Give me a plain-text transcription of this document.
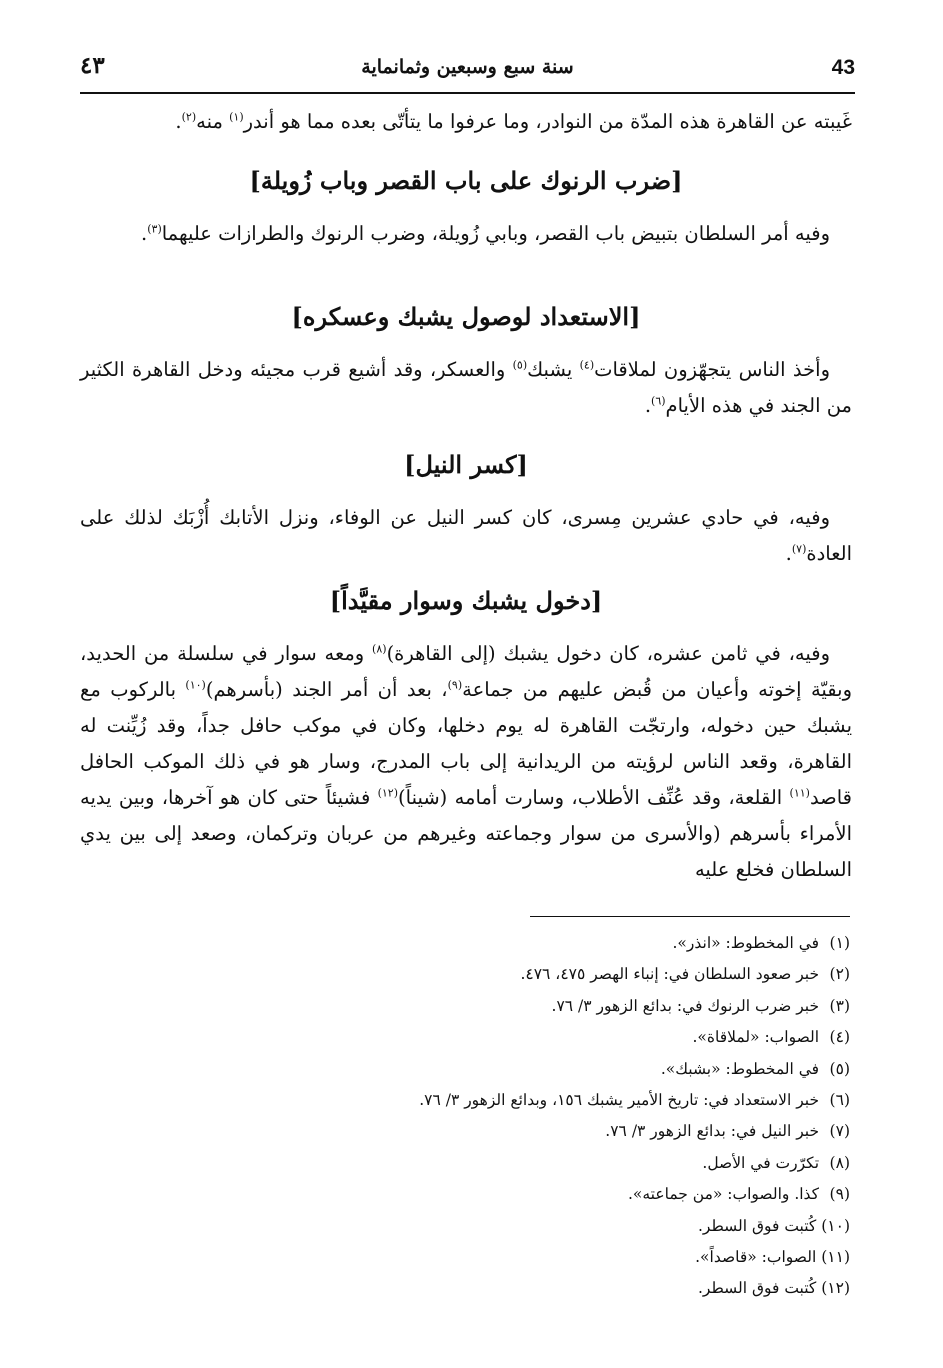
43
سنة سبع وسبعين وثمانماية
٤٣

غَيبته عن القاهرة هذه المدّة من النوادر، وما عرفوا ما يتأتّى بعده مما هو أندر$^{(١)}$ منه$^{(٢)}$.

[ضرب الرنوك على باب القصر وباب زُويلة]

وفيه أمر السلطان بتبيض باب القصر، وبابي زُويلة، وضرب الرنوك والطرازات عليهما$^{(٣)}$.

[الاستعداد لوصول يشبك وعسكره]

وأخذ الناس يتجهّزون لملاقات$^{(٤)}$ يشبك$^{(٥)}$ والعسكر، وقد أشيع قرب مجيئه ودخل القاهرة الكثير من الجند في هذه الأيام$^{(٦)}$.

[كسر النيل]

وفيه، في حادي عشرين مِسرى، كان كسر النيل عن الوفاء، ونزل الأتابك أُزْبَك لذلك على العادة$^{(٧)}$.

[دخول يشبك وسوار مقيَّداً]

وفيه، في ثامن عشره، كان دخول يشبك (إلى القاهرة)$^{(٨)}$ ومعه سوار في سلسلة من الحديد، وبقيّة إخوته وأعيان من قُبض عليهم من جماعة$^{(٩)}$، بعد أن أمر الجند (بأسرهم)$^{(١٠)}$ بالركوب مع يشبك حين دخوله، وارتجّت القاهرة له يوم دخلها، وكان في موكب حافل جداً، وقد زُيِّنت له القاهرة، وقعد الناس لرؤيته من الريدانية إلى باب المدرج، وسار هو في ذلك الموكب الحافل قاصد$^{(١١)}$ القلعة، وقد عُنِّف الأطلاب، وسارت أمامه (شيناً)$^{(١٢)}$ فشيئاً حتى كان هو آخرها، وبين يديه الأمراء بأسرهم (والأسرى من سوار وجماعته وغيرهم من عربان وتركمان، وصعد إلى بين يدي السلطان فخلع عليه

(١) في المخطوط: «انذر».
(٢) خبر صعود السلطان في: إنباء الهصر ٤٧٥، ٤٧٦.
(٣) خبر ضرب الرنوك في: بدائع الزهور ٣/ ٧٦.
(٤) الصواب: «لملاقاة».
(٥) في المخطوط: «بشبك».
(٦) خبر الاستعداد في: تاريخ الأمير يشبك ١٥٦، وبدائع الزهور ٣/ ٧٦.
(٧) خبر النيل في: بدائع الزهور ٣/ ٧٦.
(٨) تكرّرت في الأصل.
(٩) كذا. والصواب: «من جماعته».
(١٠) كُتبت فوق السطر.
(١١) الصواب: «قاصداً».
(١٢) كُتبت فوق السطر.
